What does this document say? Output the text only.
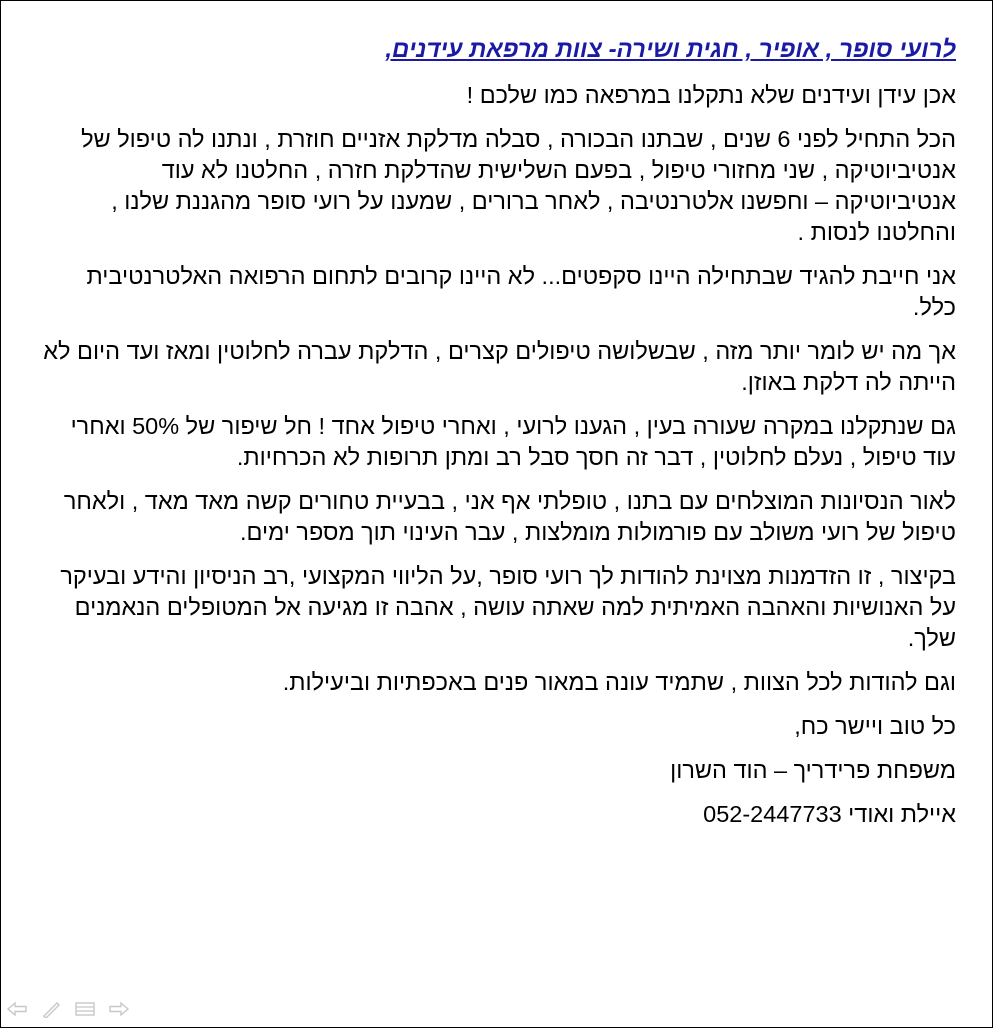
לרועי סופר , אופיר , חגית ושירה- צוות מרפאת עידנים,

אכן עידן ועידנים שלא נתקלנו במרפאה כמו שלכם !

הכל התחיל לפני 6 שנים , שבתנו הבכורה , סבלה מדלקת אזניים חוזרת , ונתנו לה טיפול של אנטיביוטיקה , שני מחזורי טיפול , בפעם השלישית שהדלקת חזרה , החלטנו לא עוד אנטיביוטיקה – וחפשנו אלטרנטיבה , לאחר ברורים , שמענו על רועי סופר מהגננת שלנו , והחלטנו לנסות .

אני חייבת להגיד שבתחילה היינו סקפטים... לא היינו קרובים לתחום הרפואה האלטרנטיבית כלל.

אך מה יש לומר יותר מזה , שבשלושה טיפולים קצרים , הדלקת עברה לחלוטין ומאז ועד היום לא הייתה לה דלקת באוזן.

גם שנתקלנו במקרה שעורה בעין , הגענו לרועי , ואחרי טיפול אחד ! חל שיפור של 50% ואחרי עוד טיפול , נעלם לחלוטין , דבר זה חסך סבל רב ומתן תרופות לא הכרחיות.

לאור הנסיונות המוצלחים עם בתנו , טופלתי אף אני , בבעיית טחורים קשה מאד מאד , ולאחר טיפול של רועי משולב עם פורמולות מומלצות , עבר העינוי תוך מספר ימים.

בקיצור , זו הזדמנות מצוינת להודות לך רועי סופר ,על הליווי המקצועי ,רב הניסיון והידע ובעיקר על האנושיות והאהבה האמיתית למה שאתה עושה , אהבה זו מגיעה אל המטופלים הנאמנים שלך.

וגם להודות לכל הצוות , שתמיד עונה במאור פנים באכפתיות וביעילות.

כל טוב ויישר כח,

משפחת פרידריך – הוד השרון

איילת ואודי 052-2447733
